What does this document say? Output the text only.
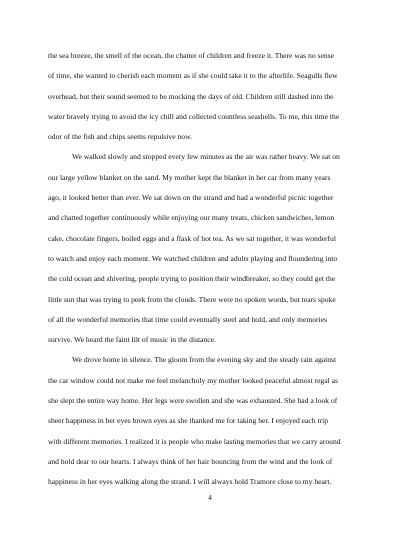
the sea breeze, the smell of the ocean, the chatter of children and freeze it. There was no sense
of time, she wanted to cherish each moment as if she could take it to the afterlife. Seagulls flew
overhead, but their sound seemed to be mocking the days of old. Children still dashed into the
water bravely trying to avoid the icy chill and collected countless seashells. To me, this time the
odor of the fish and chips seems repulsive now.
We walked slowly and stopped every few minutes as the air was rather heavy. We sat on
our large yellow blanket on the sand. My mother kept the blanket in her car from many years
ago, it looked better than ever. We sat down on the strand and had a wonderful picnic together
and chatted together continuously while enjoying our many treats, chicken sandwiches, lemon
cake, chocolate fingers, boiled eggs and a flask of hot tea. As we sat together, it was wonderful
to watch and enjoy each moment. We watched children and adults playing and floundering into
the cold ocean and shivering, people trying to position their windbreaker, so they could get the
little sun that was trying to peek from the clouds. There were no spoken words, but tears spoke
of all the wonderful memories that time could eventually steel and hold, and only memories
survive. We heard the faint lilt of music in the distance.
We drove home in silence. The gloom from the evening sky and the steady rain against
the car window could not make me feel melancholy my mother looked peaceful almost regal as
she slept the entire way home. Her legs were swollen and she was exhausted. She had a look of
sheer happiness in her eyes brown eyes as she thanked me for taking her. I enjoyed each trip
with different memories. I realized it is people who make lasting memories that we carry around
and hold dear to our hearts. I always think of her hair bouncing from the wind and the look of
happiness in her eyes walking along the strand. I will always hold Tramore close to my heart.
4
